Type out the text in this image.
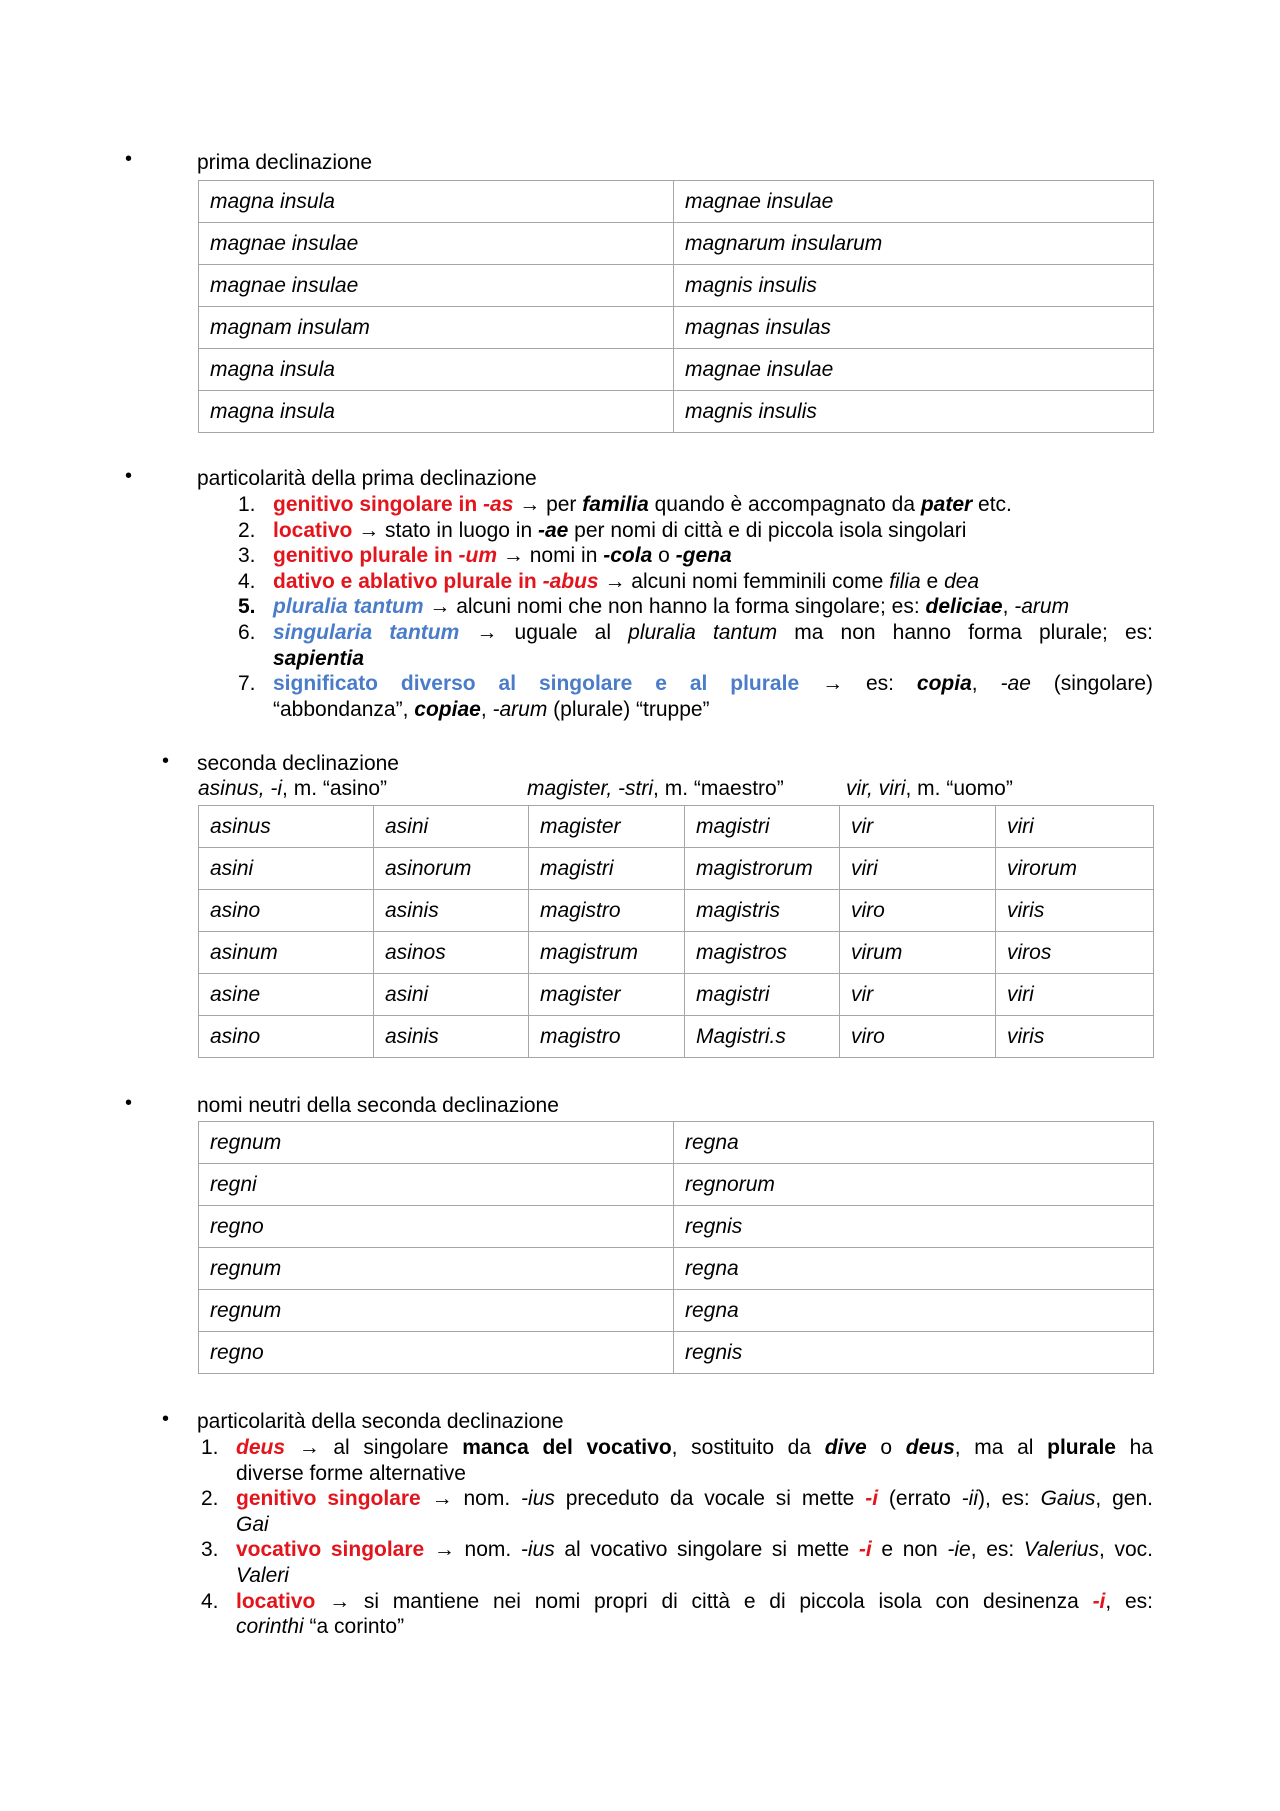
•	prima declinazione
magna insula	magnae insulae
magnae insulae	magnarum insularum
magnae insulae	magnis insulis
magnam insulam	magnas insulas
magna insula	magnae insulae
magna insula	magnis insulis
•	particolarità della prima declinazione
1. genitivo singolare in -as → per familia quando è accompagnato da pater etc.
2. locativo → stato in luogo in -ae per nomi di città e di piccola isola singolari
3. genitivo plurale in -um → nomi in -cola o -gena
4. dativo e ablativo plurale in -abus → alcuni nomi femminili come filia e dea
5. pluralia tantum → alcuni nomi che non hanno la forma singolare; es: deliciae, -arum
6. singularia tantum → uguale al pluralia tantum ma non hanno forma plurale; es:
sapientia
7. significato diverso al singolare e al plurale → es: copia, -ae (singolare)
“abbondanza”, copiae, -arum (plurale) “truppe”
• seconda declinazione
asinus, -i, m. “asino”	magister, -stri, m. “maestro”	vir, viri, m. “uomo”
asinus	asini	magister	magistri	vir	viri
asini	asinorum	magistri	magistrorum	viri	virorum
asino	asinis	magistro	magistris	viro	viris
asinum	asinos	magistrum	magistros	virum	viros
asine	asini	magister	magistri	vir	viri
asino	asinis	magistro	Magistri.s	viro	viris
•	nomi neutri della seconda declinazione
regnum	regna
regni	regnorum
regno	regnis
regnum	regna
regnum	regna
regno	regnis
• particolarità della seconda declinazione
1. deus → al singolare manca del vocativo, sostituito da dive o deus, ma al plurale ha
diverse forme alternative
2. genitivo singolare → nom. -ius preceduto da vocale si mette -i (errato -ii), es: Gaius, gen.
Gai
3. vocativo singolare → nom. -ius al vocativo singolare si mette -i e non -ie, es: Valerius, voc.
Valeri
4. locativo → si mantiene nei nomi propri di città e di piccola isola con desinenza -i, es:
corinthi “a corinto”
